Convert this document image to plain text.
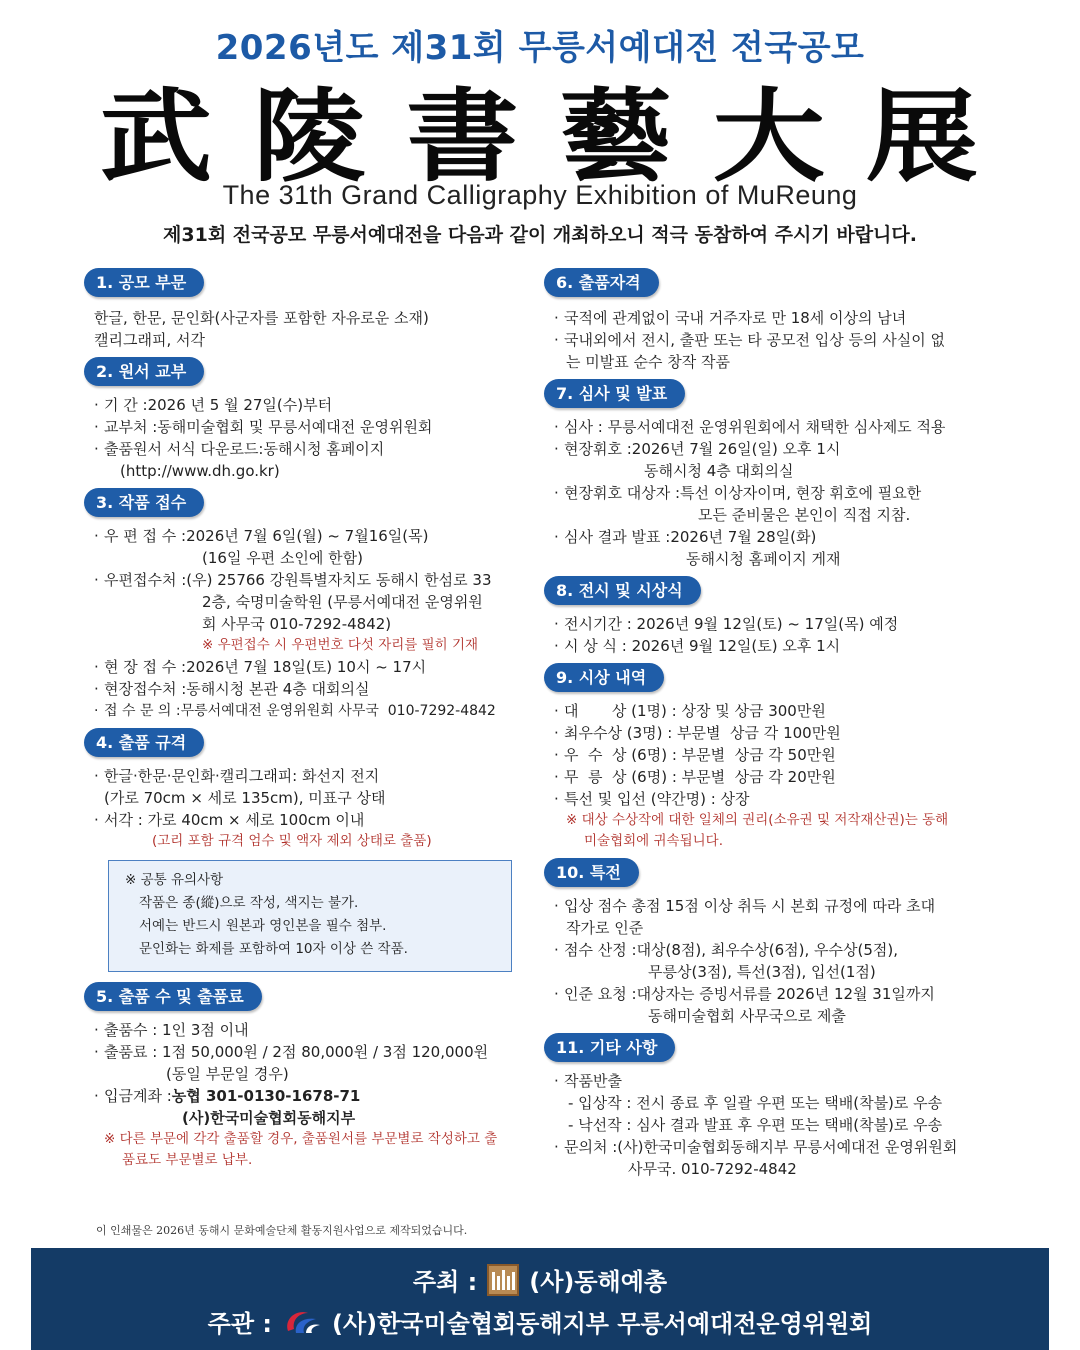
2026년도 제31회 무릉서예대전 전국공모
武 陵 書 藝 大 展
The 31th Grand Calligraphy Exhibition of MuReung
제31회 전국공모 무릉서예대전을 다음과 같이 개최하오니 적극 동참하여 주시기 바랍니다.
1. 공모 부문
한글, 한문, 문인화(사군자를 포함한 자유로운 소재)
캘리그래피, 서각
2. 원서 교부
· 기 간 : 2026 년 5 월 27일(수)부터
· 교부처 : 동해미술협회 및 무릉서예대전 운영위원회
· 출품원서 서식 다운로드: 동해시청 홈페이지
(http://www.dh.go.kr)
3. 작품 접수
· 우 편 접 수 : 2026년 7월 6일(월) ~ 7월16일(목)
(16일 우편 소인에 한함)
· 우편접수처 : (우) 25766 강원특별자치도 동해시 한섬로 33
2층, 숙명미술학원 (무릉서예대전 운영위원
회 사무국 010-7292-4842)
※ 우편접수 시 우편번호 다섯 자리를 필히 기재
· 현 장 접 수 : 2026년 7월 18일(토) 10시 ~ 17시
· 현장접수처 : 동해시청 본관 4층 대회의실
· 접 수 문 의 : 무릉서예대전 운영위원회 사무국  010-7292-4842
4. 출품 규격
· 한글·한문·문인화·캘리그래피: 화선지 전지
(가로 70cm × 세로 135cm), 미표구 상태
· 서각 : 가로 40cm × 세로 100cm 이내
(고리 포함 규격 엄수 및 액자 제외 상태로 출품)
※ 공통 유의사항
작품은 종(縱)으로 작성, 색지는 불가.
서예는 반드시 원본과 영인본을 필수 첨부.
문인화는 화제를 포함하여 10자 이상 쓴 작품.
5. 출품 수 및 출품료
· 출품수 : 1인 3점 이내
· 출품료 : 1점 50,000원 / 2점 80,000원 / 3점 120,000원
(동일 부문일 경우)
· 입금계좌 : 농협 301-0130-1678-71
(사)한국미술협회동해지부
※ 다른 부문에 각각 출품할 경우, 출품원서를 부문별로 작성하고 출
품료도 부문별로 납부.
6. 출품자격
· 국적에 관계없이 국내 거주자로 만 18세 이상의 남녀
· 국내외에서 전시, 출판 또는 타 공모전 입상 등의 사실이 없
는 미발표 순수 창작 작품
7. 심사 및 발표
· 심사 : 무릉서예대전 운영위원회에서 채택한 심사제도 적용
· 현장휘호 : 2026년 7월 26일(일) 오후 1시
동해시청 4층 대회의실
· 현장휘호 대상자 : 특선 이상자이며, 현장 휘호에 필요한
모든 준비물은 본인이 직접 지참.
· 심사 결과 발표 : 2026년 7월 28일(화)
동해시청 홈페이지 게재
8. 전시 및 시상식
· 전시기간 : 2026년 9월 12일(토) ~ 17일(목) 예정
· 시 상 식 : 2026년 9월 12일(토) 오후 1시
9. 시상 내역
· 대       상 (1명) : 상장 및 상금 300만원
· 최우수상 (3명) : 부문별  상금 각 100만원
· 우  수  상 (6명) : 부문별  상금 각 50만원
· 무  릉  상 (6명) : 부문별  상금 각 20만원
· 특선 및 입선 (약간명) : 상장
※ 대상 수상작에 대한 일체의 권리(소유권 및 저작재산권)는 동해
미술협회에 귀속됩니다.
10. 특전
· 입상 점수 총점 15점 이상 취득 시 본회 규정에 따라 초대
작가로 인준
· 점수 산정 : 대상(8점), 최우수상(6점), 우수상(5점),
무릉상(3점), 특선(3점), 입선(1점)
· 인준 요청 : 대상자는 증빙서류를 2026년 12월 31일까지
동해미술협회 사무국으로 제출
11. 기타 사항
· 작품반출
- 입상작 : 전시 종료 후 일괄 우편 또는 택배(착불)로 우송
- 낙선작 : 심사 결과 발표 후 우편 또는 택배(착불)로 우송
· 문의처 : (사)한국미술협회동해지부 무릉서예대전 운영위원회
사무국. 010-7292-4842
이 인쇄물은 2026년 동해시 문화예술단체 활동지원사업으로 제작되었습니다.
주최 : (사)동해예총
주관 :	(사)한국미술협회동해지부 무릉서예대전운영위원회
